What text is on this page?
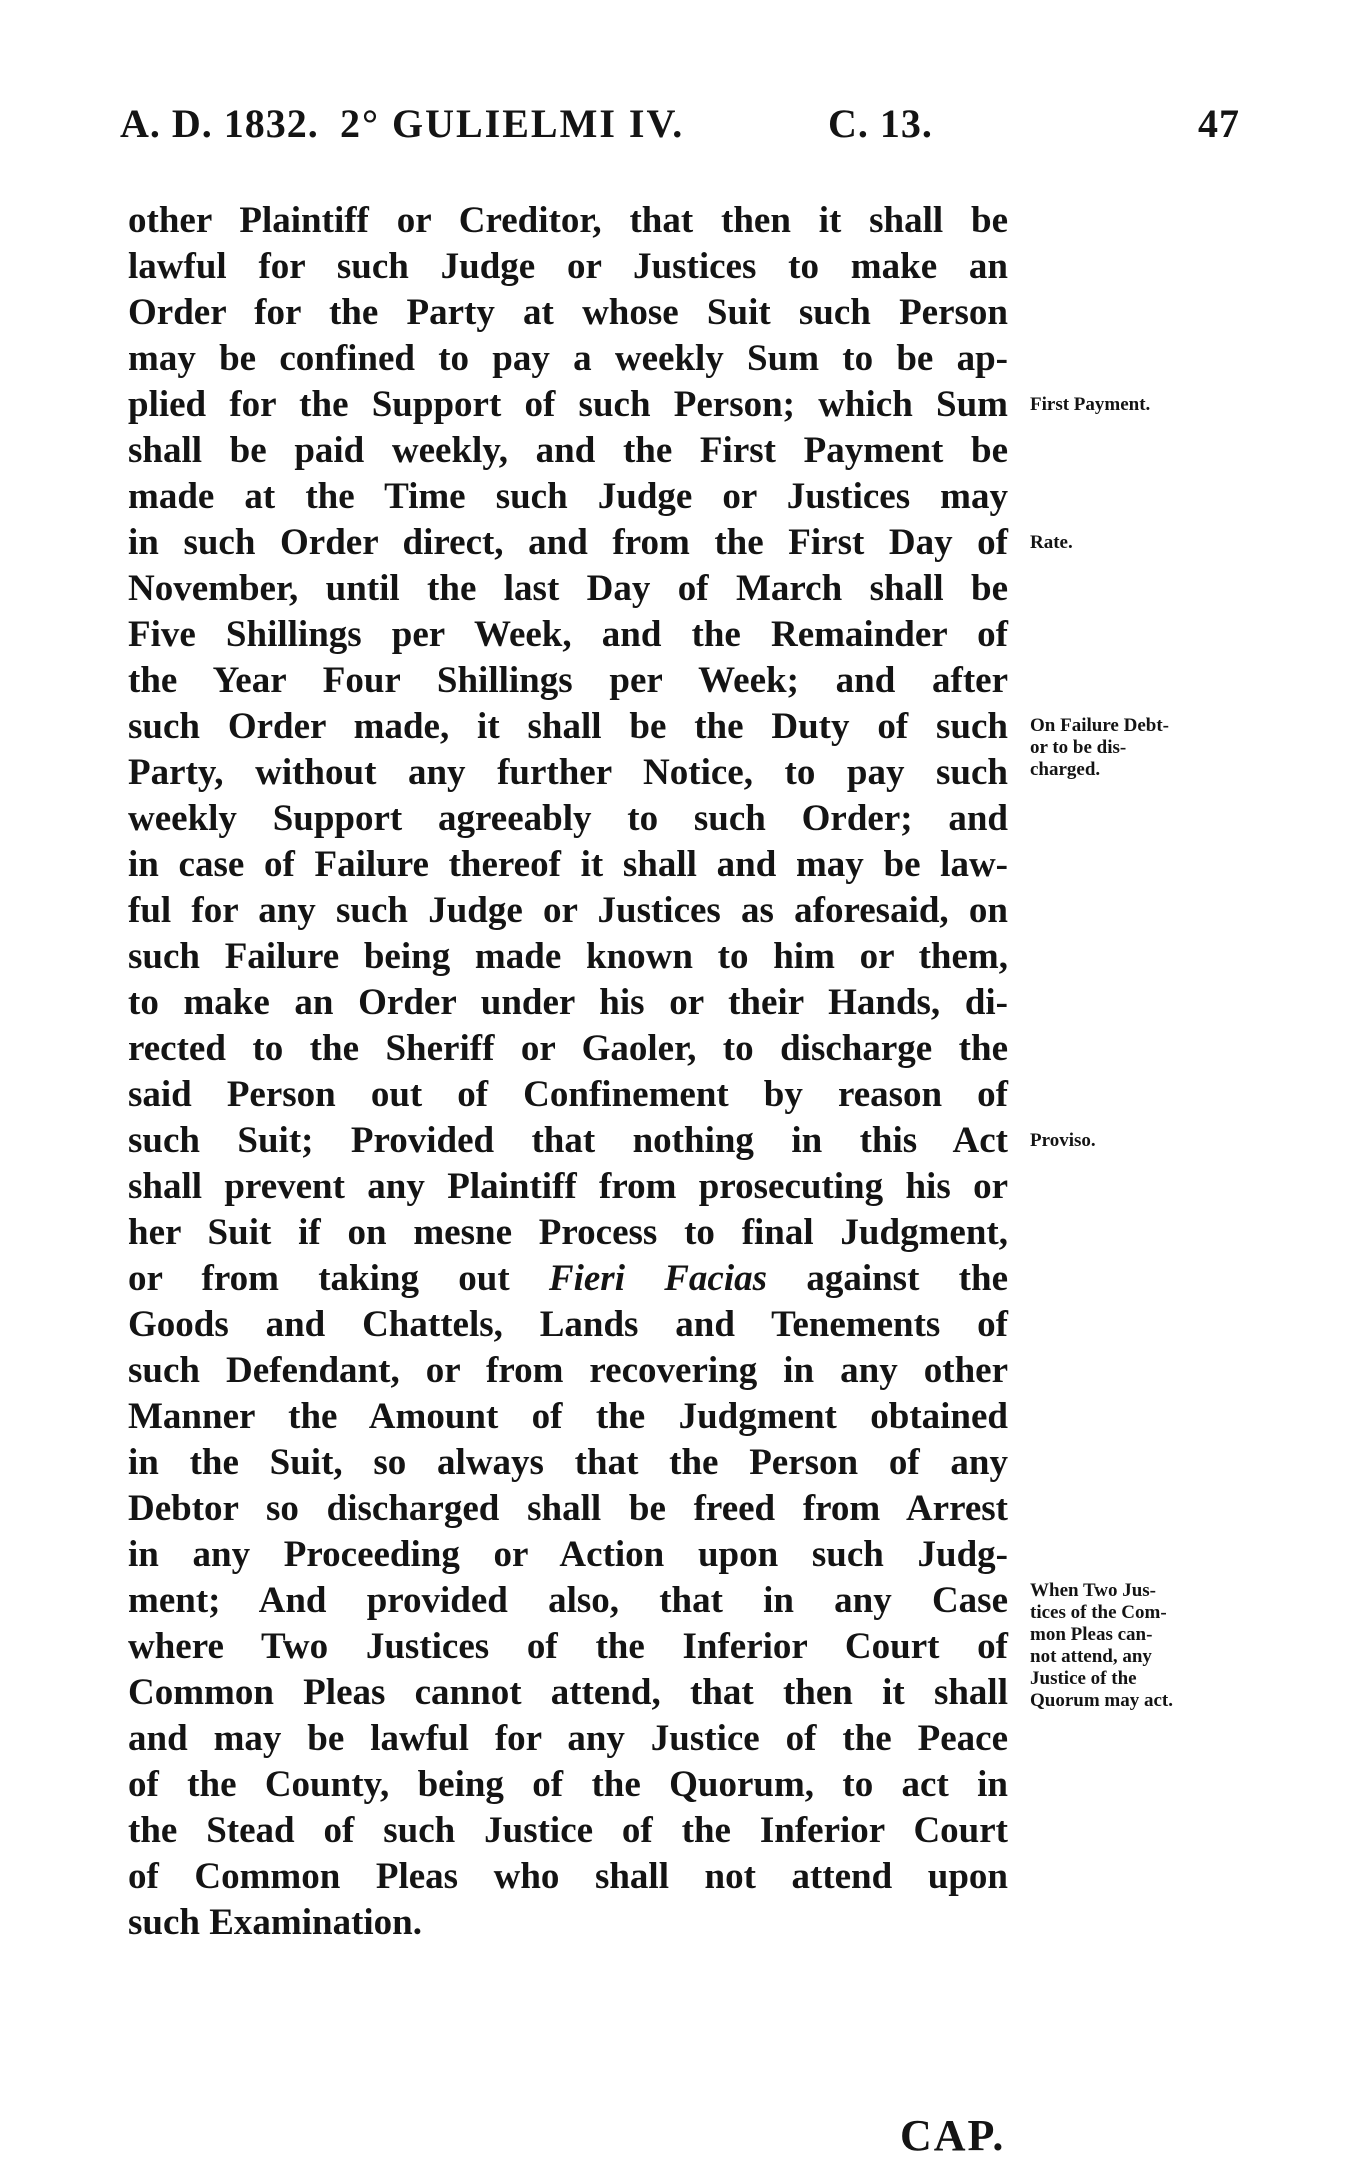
A. D. 1832. 2° GULIELMI IV.	C. 13.	47
other Plaintiff or Creditor, that then it shall be
lawful for such Judge or Justices to make an
Order for the Party at whose Suit such Person
may be confined to pay a weekly Sum to be ap-
plied for the Support of such Person; which Sum
shall be paid weekly, and the First Payment be
made at the Time such Judge or Justices may
in such Order direct, and from the First Day of
November, until the last Day of March shall be
Five Shillings per Week, and the Remainder of
the Year Four Shillings per Week; and after
such Order made, it shall be the Duty of such
Party, without any further Notice, to pay such
weekly Support agreeably to such Order; and
in case of Failure thereof it shall and may be law-
ful for any such Judge or Justices as aforesaid, on
such Failure being made known to him or them,
to make an Order under his or their Hands, di-
rected to the Sheriff or Gaoler, to discharge the
said Person out of Confinement by reason of
such Suit; Provided that nothing in this Act
shall prevent any Plaintiff from prosecuting his or
her Suit if on mesne Process to final Judgment,
or from taking out Fieri Facias against the
Goods and Chattels, Lands and Tenements of
such Defendant, or from recovering in any other
Manner the Amount of the Judgment obtained
in the Suit, so always that the Person of any
Debtor so discharged shall be freed from Arrest
in any Proceeding or Action upon such Judg-
ment; And provided also, that in any Case
where Two Justices of the Inferior Court of
Common Pleas cannot attend, that then it shall
and may be lawful for any Justice of the Peace
of the County, being of the Quorum, to act in
the Stead of such Justice of the Inferior Court
of Common Pleas who shall not attend upon
such Examination.
First Payment.
Rate.
On Failure Debt-
or to be dis-
charged.
Proviso.
When Two Jus-
tices of the Com-
mon Pleas can-
not attend, any
Justice of the
Quorum may act.
CAP.
